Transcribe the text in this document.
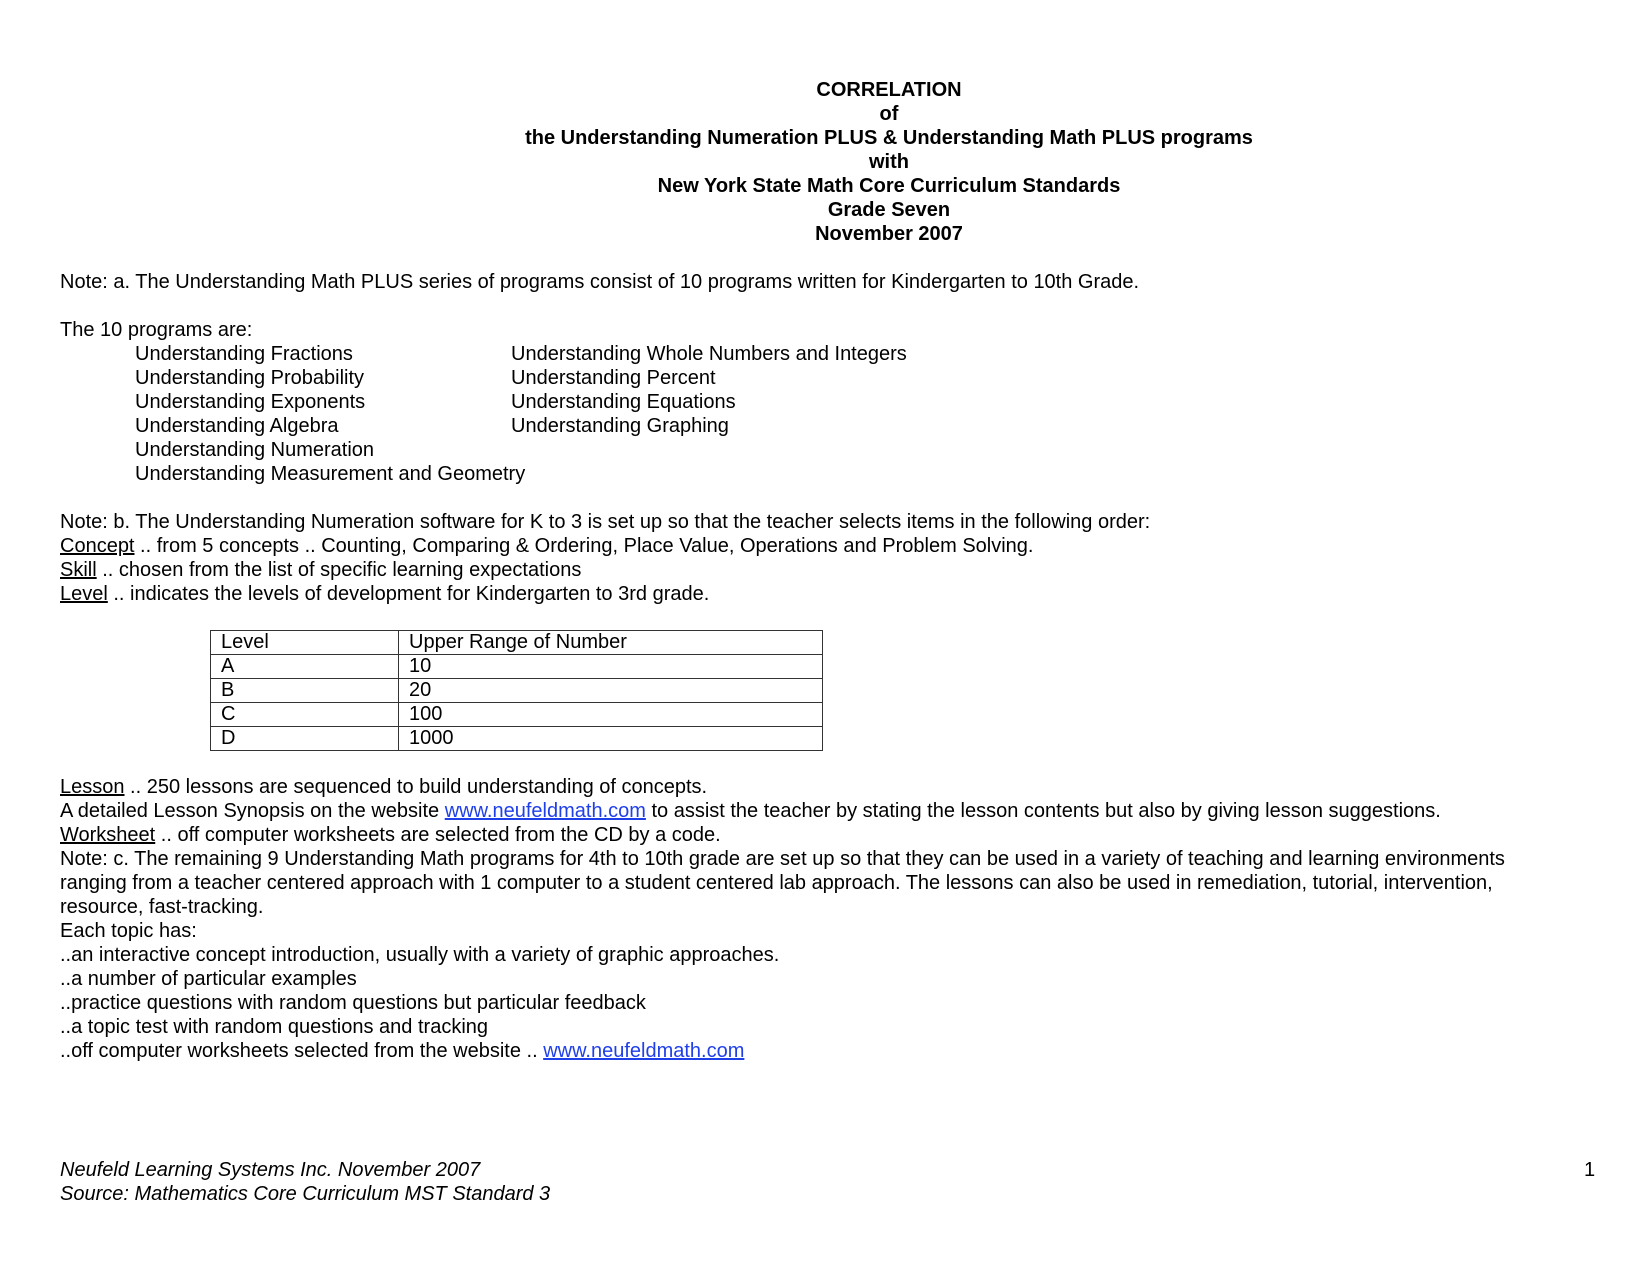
CORRELATION
of
the Understanding Numeration PLUS & Understanding Math PLUS programs
with
New York State Math Core Curriculum Standards
Grade Seven
November 2007
Note: a. The Understanding Math PLUS series of programs consist of 10 programs written for Kindergarten to 10th Grade.
The 10 programs are:
Understanding Fractions	Understanding Whole Numbers and Integers
Understanding Probability	Understanding Percent
Understanding Exponents	Understanding Equations
Understanding Algebra	Understanding Graphing
Understanding Numeration
Understanding Measurement and Geometry
Note: b. The Understanding Numeration software for K to 3 is set up so that the teacher selects items in the following order:
Concept .. from 5 concepts .. Counting, Comparing & Ordering, Place Value, Operations and Problem Solving.
Skill .. chosen from the list of specific learning expectations
Level .. indicates the levels of development for Kindergarten to 3rd grade.
Level	Upper Range of Number
A	10
B	20
C	100
D	1000
Lesson .. 250 lessons are sequenced to build understanding of concepts.
A detailed Lesson Synopsis on the website www.neufeldmath.com to assist the teacher by stating the lesson contents but also by giving lesson suggestions.
Worksheet .. off computer worksheets are selected from the CD by a code.
Note: c. The remaining 9 Understanding Math programs for 4th to 10th grade are set up so that they can be used in a variety of teaching and learning environments
ranging from a teacher centered approach with 1 computer to a student centered lab approach. The lessons can also be used in remediation, tutorial, intervention,
resource, fast-tracking.
Each topic has:
..an interactive concept introduction, usually with a variety of graphic approaches.
..a number of particular examples
..practice questions with random questions but particular feedback
..a topic test with random questions and tracking
..off computer worksheets selected from the website .. www.neufeldmath.com
Neufeld Learning Systems Inc. November 2007
Source: Mathematics Core Curriculum MST Standard 3
1
